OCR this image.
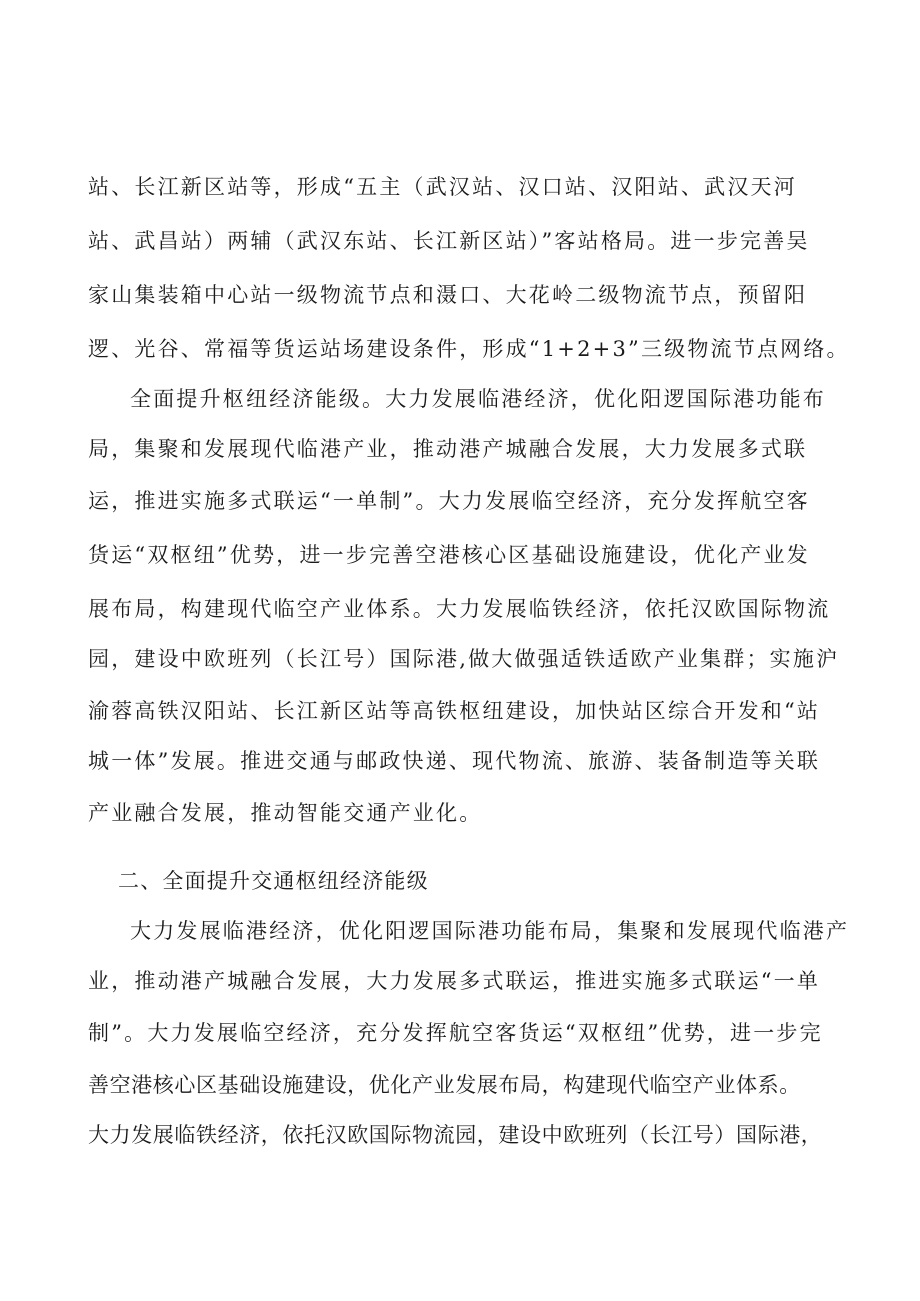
站、长江新区站等，形成“五主（武汉站、汉口站、汉阳站、武汉天河
站、武昌站）两辅（武汉东站、长江新区站）”客站格局。进一步完善吴
家山集装箱中心站一级物流节点和滠口、大花岭二级物流节点，预留阳
逻、光谷、常福等货运站场建设条件，形成“1+2+3”三级物流节点网络。
全面提升枢纽经济能级。大力发展临港经济，优化阳逻国际港功能布
局，集聚和发展现代临港产业，推动港产城融合发展，大力发展多式联
运，推进实施多式联运“一单制”。大力发展临空经济，充分发挥航空客
货运“双枢纽”优势，进一步完善空港核心区基础设施建设，优化产业发
展布局，构建现代临空产业体系。大力发展临铁经济，依托汉欧国际物流
园，建设中欧班列（长江号）国际港,做大做强适铁适欧产业集群；实施沪
渝蓉高铁汉阳站、长江新区站等高铁枢纽建设，加快站区综合开发和“站
城一体”发展。推进交通与邮政快递、现代物流、旅游、装备制造等关联
产业融合发展，推动智能交通产业化。
二、全面提升交通枢纽经济能级
大力发展临港经济，优化阳逻国际港功能布局，集聚和发展现代临港产
业，推动港产城融合发展，大力发展多式联运，推进实施多式联运“一单
制”。大力发展临空经济，充分发挥航空客货运“双枢纽”优势，进一步完
善空港核心区基础设施建设，优化产业发展布局，构建现代临空产业体系。
大力发展临铁经济，依托汉欧国际物流园，建设中欧班列（长江号）国际港，
